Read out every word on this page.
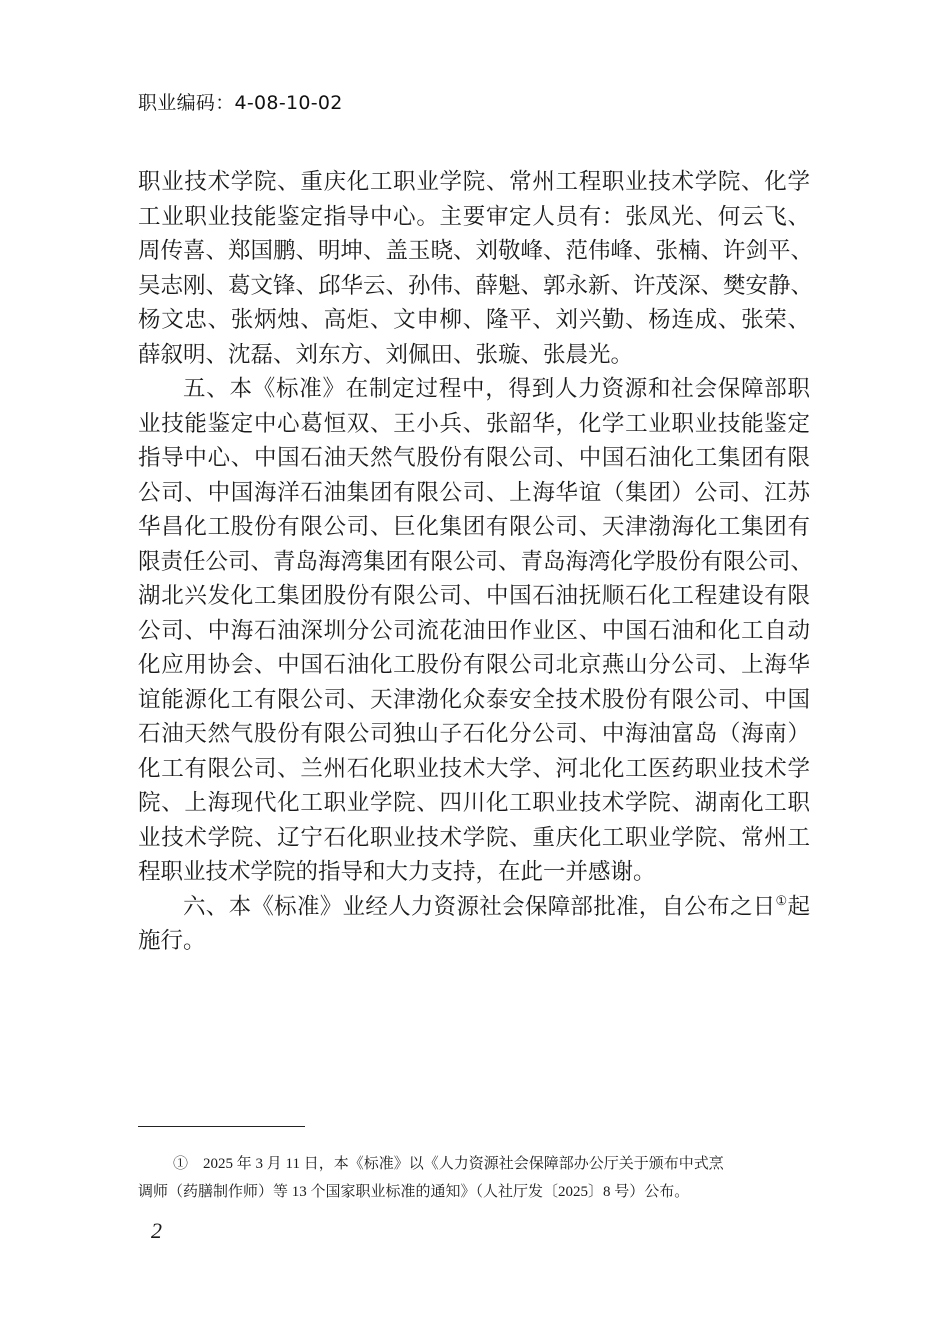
职业编码：4-08-10-02
职业技术学院、重庆化工职业学院、常州工程职业技术学院、化学
工业职业技能鉴定指导中心。主要审定人员有：张凤光、何云飞、
周传喜、郑国鹏、明坤、盖玉晓、刘敬峰、范伟峰、张楠、许剑平、
吴志刚、葛文锋、邱华云、孙伟、薛魁、郭永新、许茂深、樊安静、
杨文忠、张炳烛、高炬、文申柳、隆平、刘兴勤、杨连成、张荣、
薛叙明、沈磊、刘东方、刘佩田、张璇、张晨光。
五、本《标准》在制定过程中，得到人力资源和社会保障部职
业技能鉴定中心葛恒双、王小兵、张韶华，化学工业职业技能鉴定
指导中心、中国石油天然气股份有限公司、中国石油化工集团有限
公司、中国海洋石油集团有限公司、上海华谊（集团）公司、江苏
华昌化工股份有限公司、巨化集团有限公司、天津渤海化工集团有
限责任公司、青岛海湾集团有限公司、青岛海湾化学股份有限公司、
湖北兴发化工集团股份有限公司、中国石油抚顺石化工程建设有限
公司、中海石油深圳分公司流花油田作业区、中国石油和化工自动
化应用协会、中国石油化工股份有限公司北京燕山分公司、上海华
谊能源化工有限公司、天津渤化众泰安全技术股份有限公司、中国
石油天然气股份有限公司独山子石化分公司、中海油富岛（海南）
化工有限公司、兰州石化职业技术大学、河北化工医药职业技术学
院、上海现代化工职业学院、四川化工职业技术学院、湖南化工职
业技术学院、辽宁石化职业技术学院、重庆化工职业学院、常州工
程职业技术学院的指导和大力支持，在此一并感谢。
六、本《标准》业经人力资源社会保障部批准，自公布之日①起
施行。
①　2025 年 3 月 11 日，本《标准》以《人力资源社会保障部办公厅关于颁布中式烹
调师（药膳制作师）等 13 个国家职业标准的通知》（人社厅发〔2025〕8 号）公布。
2
